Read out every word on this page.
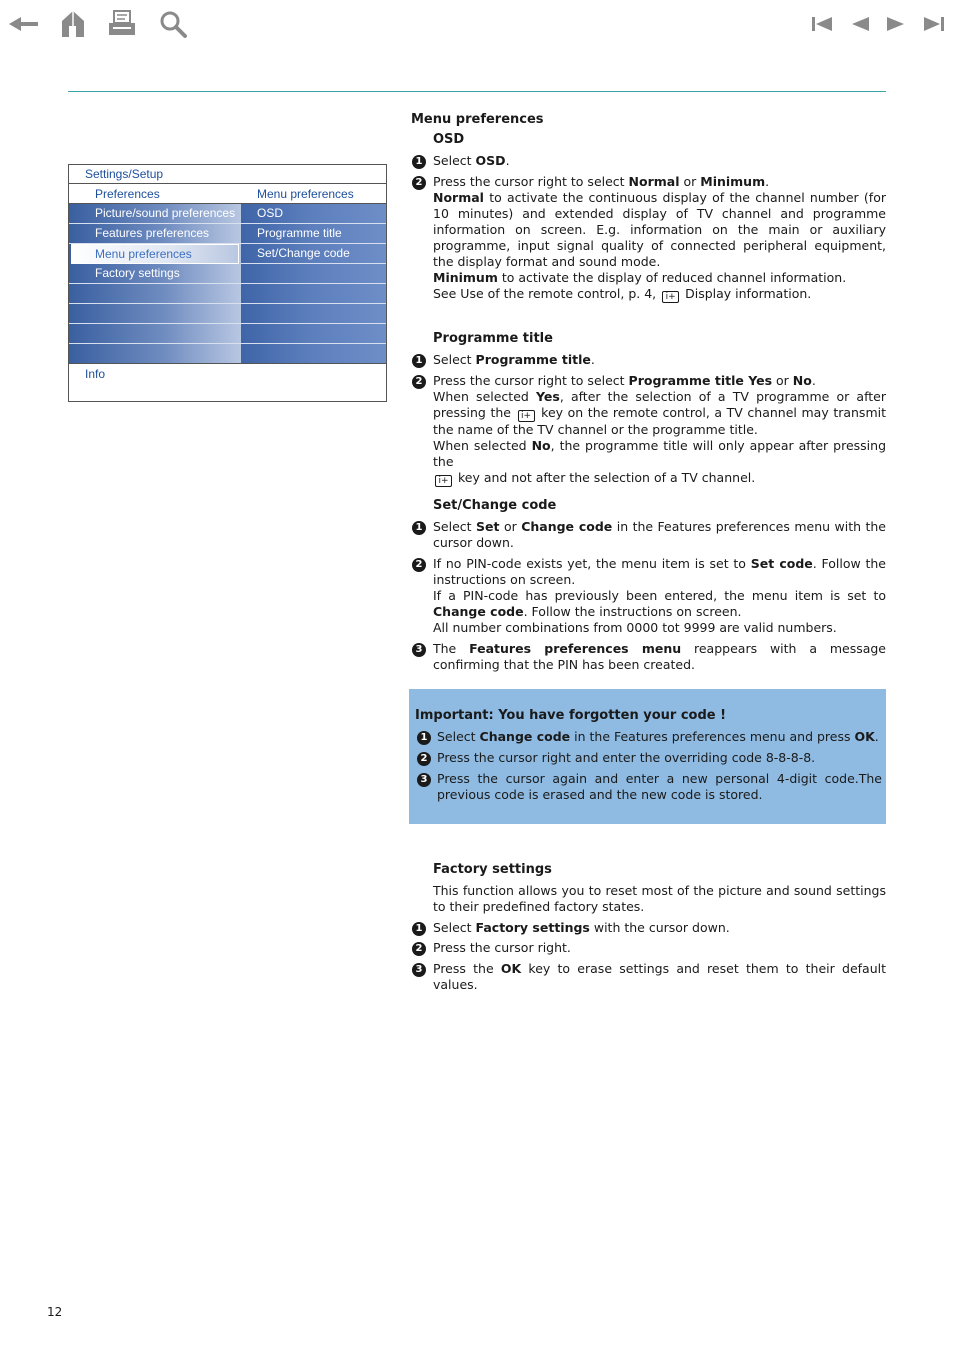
Settings/Setup
Preferences	Menu preferences
Picture/sound preferences
Features preferences
Menu preferences
Factory settings
OSD
Programme title
Set/Change code
Info
Menu preferences
OSD
1 Select OSD.
2 Press the cursor right to select Normal or Minimum.
Normal to activate the continuous display of the channel number (for 10 minutes) and extended display of TV channel and programme information on screen. E.g. information on the main or auxiliary programme, input signal quality of connected peripheral equipment, the display format and sound mode.
Minimum to activate the display of reduced channel information.
See Use of the remote control, p. 4, i+ Display information.
Programme title
1 Select Programme title.
2 Press the cursor right to select Programme title Yes or No.
When selected Yes, after the selection of a TV programme or after pressing the i+ key on the remote control, a TV channel may transmit the name of the TV channel or the programme title.
When selected No, the programme title will only appear after pressing the
i+ key and not after the selection of a TV channel.
Set/Change code
1 Select Set or Change code in the Features preferences menu with the cursor down.
2 If no PIN-code exists yet, the menu item is set to Set code. Follow the instructions on screen.
If a PIN-code has previously been entered, the menu item is set to Change code. Follow the instructions on screen.
All number combinations from 0000 tot 9999 are valid numbers.
3 The Features preferences menu reappears with a message confirming that the PIN has been created.
Important: You have forgotten your code !
1 Select Change code in the Features preferences menu and press OK.
2 Press the cursor right and enter the overriding code 8-8-8-8.
3 Press the cursor again and enter a new personal 4-digit code.The previous code is erased and the new code is stored.
Factory settings
This function allows you to reset most of the picture and sound settings to their predefined factory states.
1 Select Factory settings with the cursor down.
2 Press the cursor right.
3 Press the OK key to erase settings and reset them to their default values.
12
